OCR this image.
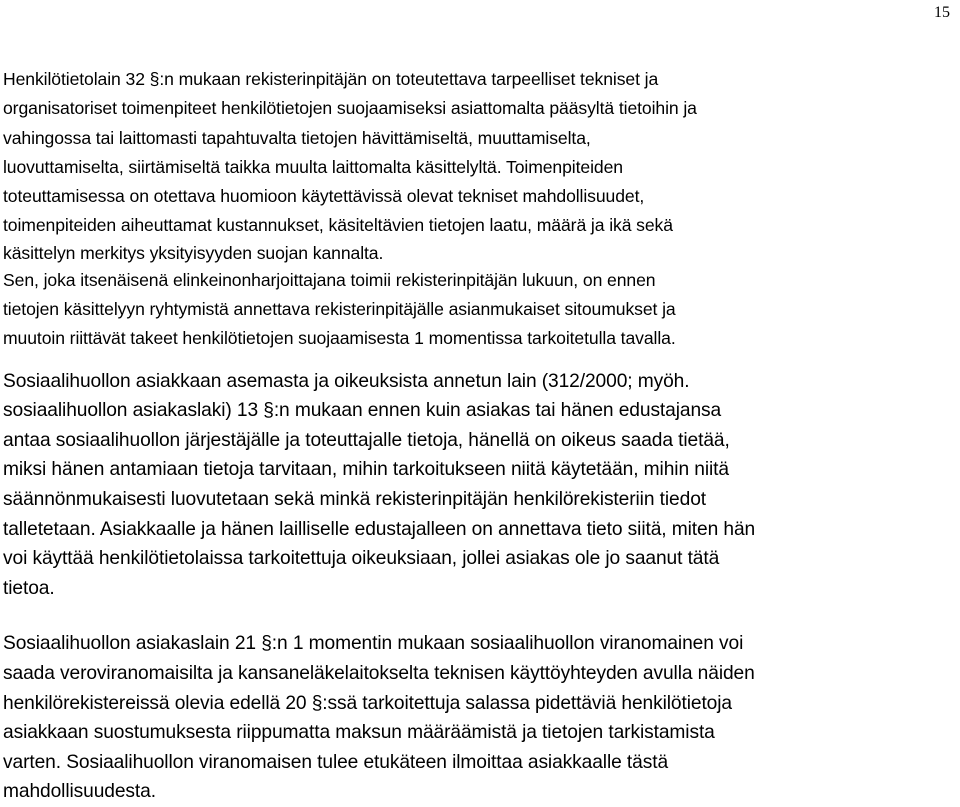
15
Henkilötietolain 32 §:n mukaan rekisterinpitäjän on toteutettava tarpeelliset tekniset ja
organisatoriset toimenpiteet henkilötietojen suojaamiseksi asiattomalta pääsyltä tietoihin ja
vahingossa tai laittomasti tapahtuvalta tietojen hävittämiseltä, muuttamiselta,
luovuttamiselta, siirtämiseltä taikka muulta laittomalta käsittelyltä. Toimenpiteiden
toteuttamisessa on otettava huomioon käytettävissä olevat tekniset mahdollisuudet,
toimenpiteiden aiheuttamat kustannukset, käsiteltävien tietojen laatu, määrä ja ikä sekä
käsittelyn merkitys yksityisyyden suojan kannalta.
Sen, joka itsenäisenä elinkeinonharjoittajana toimii rekisterinpitäjän lukuun, on ennen
tietojen käsittelyyn ryhtymistä annettava rekisterinpitäjälle asianmukaiset sitoumukset ja
muutoin riittävät takeet henkilötietojen suojaamisesta 1 momentissa tarkoitetulla tavalla.
Sosiaalihuollon asiakkaan asemasta ja oikeuksista annetun lain (312/2000; myöh.
sosiaalihuollon asiakaslaki) 13 §:n mukaan ennen kuin asiakas tai hänen edustajansa
antaa sosiaalihuollon järjestäjälle ja toteuttajalle tietoja, hänellä on oikeus saada tietää,
miksi hänen antamiaan tietoja tarvitaan, mihin tarkoitukseen niitä käytetään, mihin niitä
säännönmukaisesti luovutetaan sekä minkä rekisterinpitäjän henkilörekisteriin tiedot
talletetaan. Asiakkaalle ja hänen lailliselle edustajalleen on annettava tieto siitä, miten hän
voi käyttää henkilötietolaissa tarkoitettuja oikeuksiaan, jollei asiakas ole jo saanut tätä
tietoa.
Sosiaalihuollon asiakaslain 21 §:n 1 momentin mukaan sosiaalihuollon viranomainen voi
saada veroviranomaisilta ja kansaneläkelaitokselta teknisen käyttöyhteyden avulla näiden
henkilörekistereissä olevia edellä 20 §:ssä tarkoitettuja salassa pidettäviä henkilötietoja
asiakkaan suostumuksesta riippumatta maksun määräämistä ja tietojen tarkistamista
varten. Sosiaalihuollon viranomaisen tulee etukäteen ilmoittaa asiakkaalle tästä
mahdollisuudesta.
